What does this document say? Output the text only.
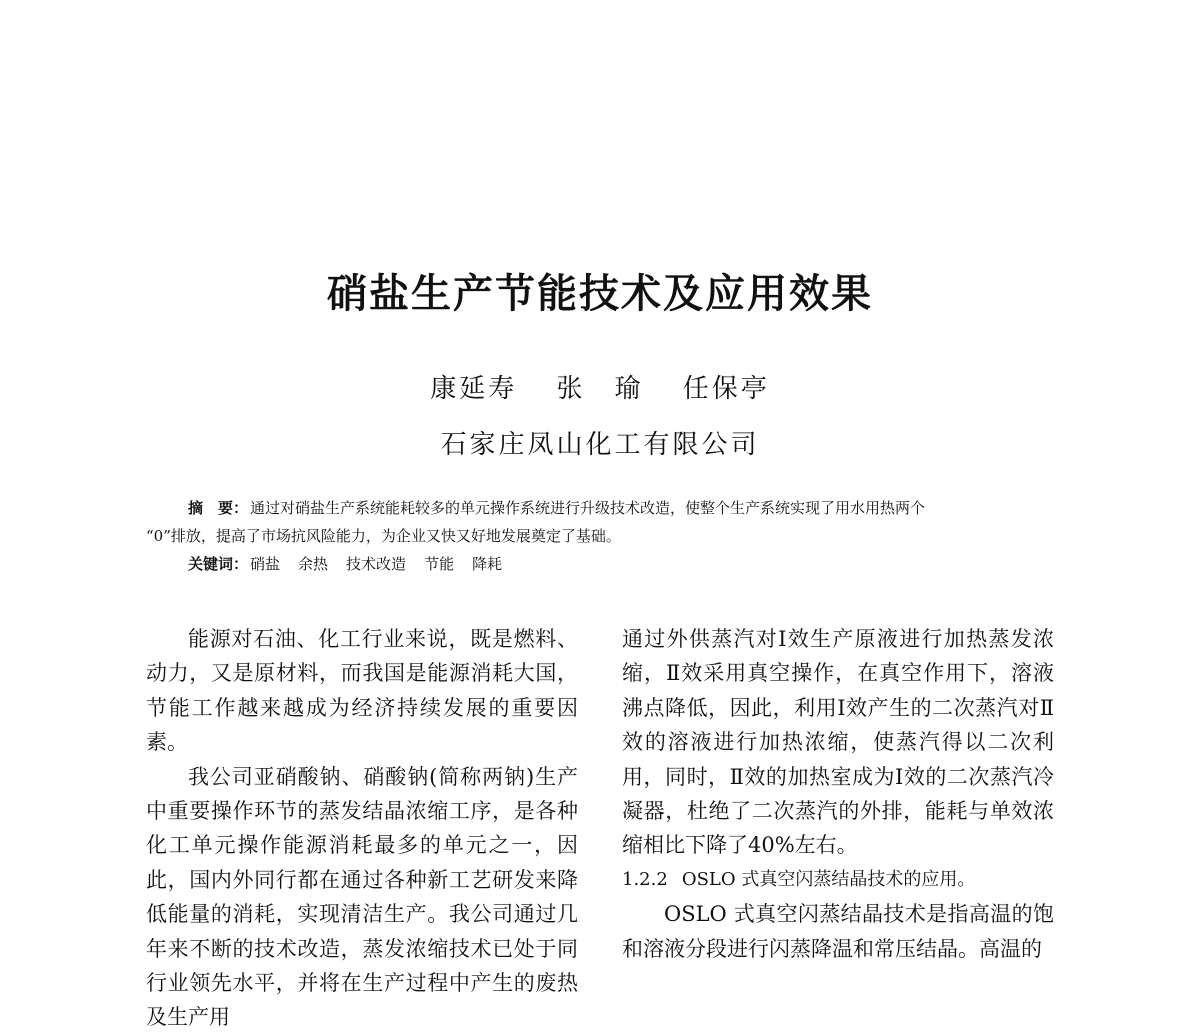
硝盐生产节能技术及应用效果
康延寿 张　瑜 任保亭
石家庄凤山化工有限公司
摘　要： 通过对硝盐生产系统能耗较多的单元操作系统进行升级技术改造，使整个生产系统实现了用水用热两个
“0”排放，提高了市场抗风险能力，为企业又快又好地发展奠定了基础。
关键词： 硝盐 余热 技术改造 节能 降耗

能源对石油、化工行业来说，既是燃料、动力，又是原材料，而我国是能源消耗大国，节能工作越来越成为经济持续发展的重要因素。

我公司亚硝酸钠、硝酸钠(简称两钠)生产中重要操作环节的蒸发结晶浓缩工序，是各种化工单元操作能源消耗最多的单元之一，因此，国内外同行都在通过各种新工艺研发来降低能量的消耗，实现清洁生产。我公司通过几年来不断的技术改造，蒸发浓缩技术已处于同行业领先水平，并将在生产过程中产生的废热及生产用

通过外供蒸汽对Ⅰ效生产原液进行加热蒸发浓缩，Ⅱ效采用真空操作，在真空作用下，溶液沸点降低，因此，利用Ⅰ效产生的二次蒸汽对Ⅱ效的溶液进行加热浓缩，使蒸汽得以二次利用，同时，Ⅱ效的加热室成为Ⅰ效的二次蒸汽冷凝器，杜绝了二次蒸汽的外排，能耗与单效浓缩相比下降了40%左右。

1.2.2 OSLO 式真空闪蒸结晶技术的应用。

OSLO 式真空闪蒸结晶技术是指高温的饱和溶液分段进行闪蒸降温和常压结晶。高温的
